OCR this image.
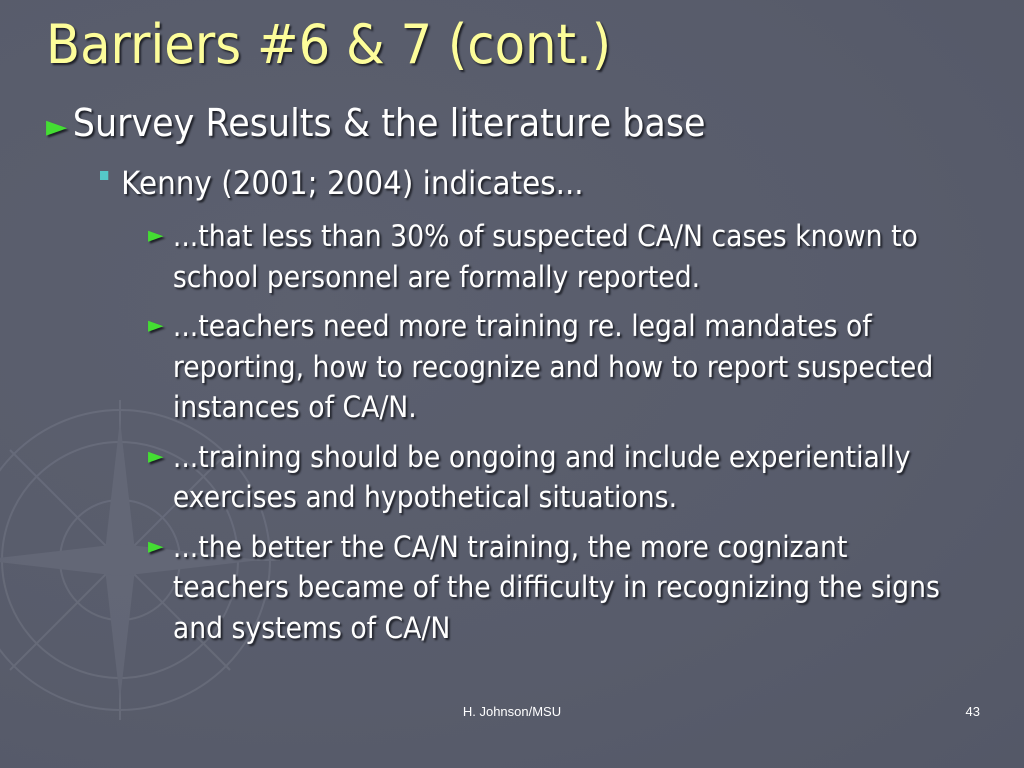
Barriers #6 & 7 (cont.)
► Survey Results & the literature base
Kenny (2001; 2004) indicates...
► ...that less than 30% of suspected CA/N cases known to school personnel are formally reported.
► ...teachers need more training re. legal mandates of reporting, how to recognize and how to report suspected instances of CA/N.
► ...training should be ongoing and include experientially exercises and hypothetical situations.
► ...the better the CA/N training, the more cognizant teachers became of the difficulty in recognizing the signs and systems of CA/N
H. Johnson/MSU	43
